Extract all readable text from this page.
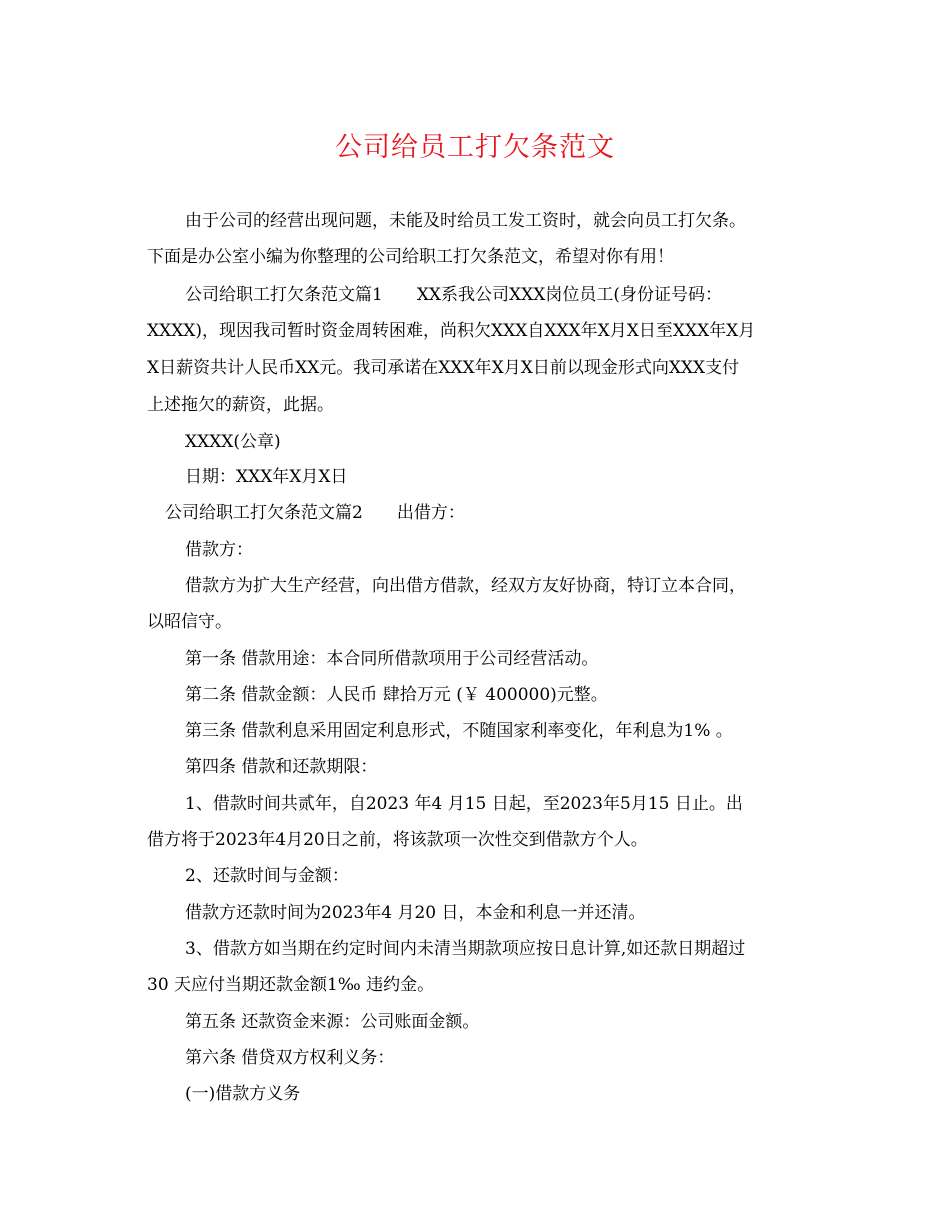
公司给员工打欠条范文
由于公司的经营出现问题，未能及时给员工发工资时，就会向员工打欠条。
下面是办公室小编为你整理的公司给职工打欠条范文，希望对你有用！
公司给职工打欠条范文篇1 XX系我公司XXX岗位员工(身份证号码：
XXXX)，现因我司暂时资金周转困难，尚积欠XXX自XXX年X月X日至XXX年X月
X日薪资共计人民币XX元。我司承诺在XXX年X月X日前以现金形式向XXX支付
上述拖欠的薪资，此据。
XXXX(公章)
日期：XXX年X月X日
公司给职工打欠条范文篇2 出借方：
借款方：
借款方为扩大生产经营，向出借方借款，经双方友好协商，特订立本合同，
以昭信守。
第一条 借款用途：本合同所借款项用于公司经营活动。
第二条 借款金额：人民币 肆拾万元 (￥ 400000)元整。
第三条 借款利息采用固定利息形式，不随国家利率变化，年利息为1% 。
第四条 借款和还款期限：
1、借款时间共贰年，自2023 年4 月15 日起，至2023年5月15 日止。出
借方将于2023年4月20日之前，将该款项一次性交到借款方个人。
2、还款时间与金额：
借款方还款时间为2023年4 月20 日，本金和利息一并还清。
3、借款方如当期在约定时间内未清当期款项应按日息计算,如还款日期超过
30 天应付当期还款金额1‰ 违约金。
第五条 还款资金来源：公司账面金额。
第六条 借贷双方权利义务：
(一)借款方义务
